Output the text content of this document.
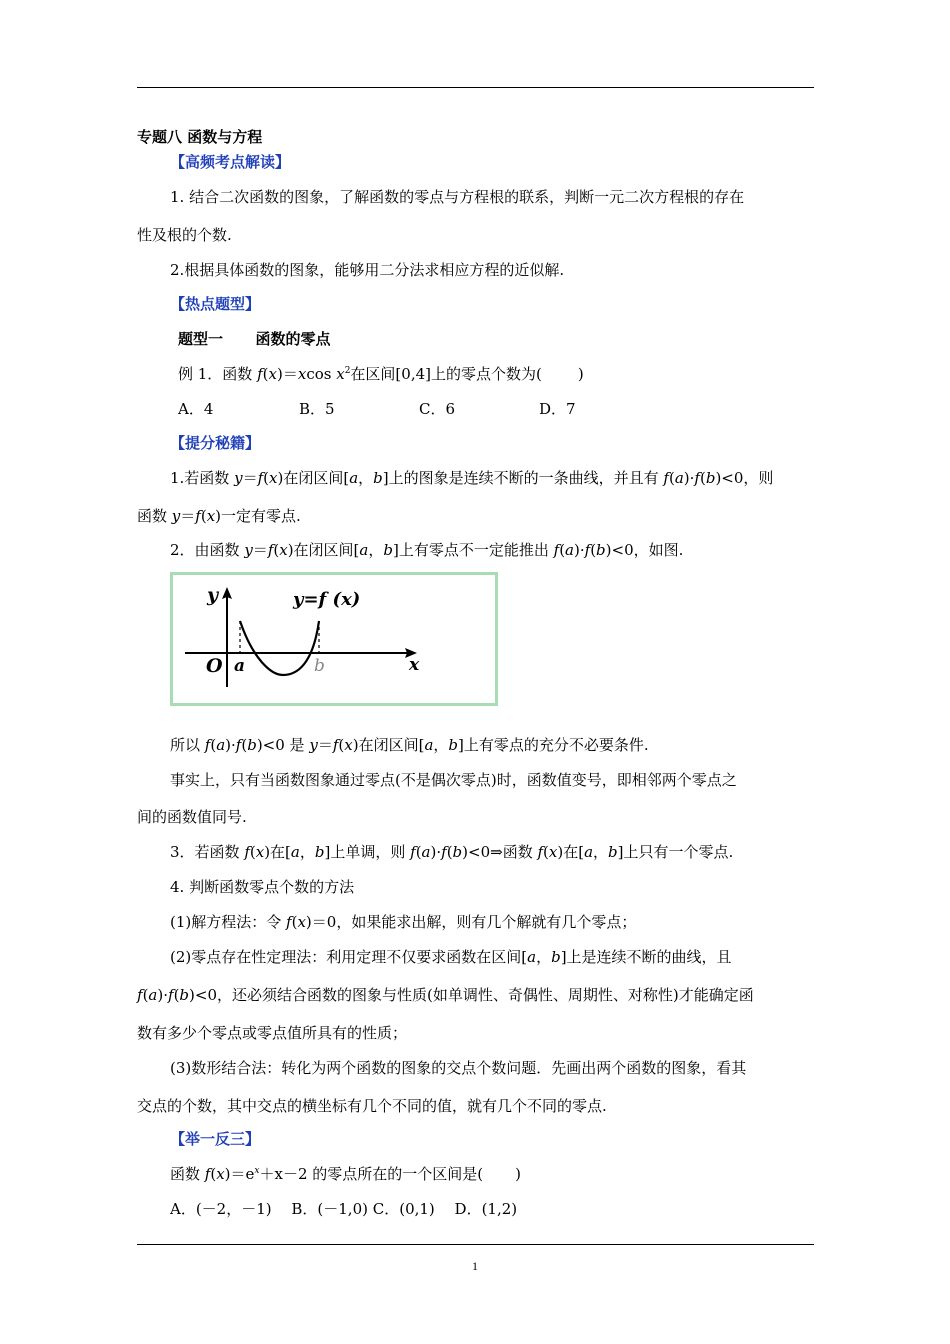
专题八 函数与方程
【高频考点解读】
1. 结合二次函数的图象，了解函数的零点与方程根的联系，判断一元二次方程根的存在
性及根的个数.
2.根据具体函数的图象，能够用二分法求相应方程的近似解.
【热点题型】
题型一 函数的零点
例 1．函数 f(x)＝xcos $x^2$在区间[0,4]上的零点个数为( )
A．4	B．5	C．6	D．7
【提分秘籍】
1.若函数 y＝f(x)在闭区间[a，b]上的图象是连续不断的一条曲线，并且有 f(a)·f(b)<0，则
函数 y＝f(x)一定有零点.
2．由函数 y＝f(x)在闭区间[a，b]上有零点不一定能推出 f(a)·f(b)<0，如图.
y	y=f (x)
O a	b	x
所以 f(a)·f(b)<0 是 y＝f(x)在闭区间[a，b]上有零点的充分不必要条件.
事实上，只有当函数图象通过零点(不是偶次零点)时，函数值变号，即相邻两个零点之
间的函数值同号.
3．若函数 f(x)在[a，b]上单调，则 f(a)·f(b)<0⇒函数 f(x)在[a，b]上只有一个零点.
4. 判断函数零点个数的方法
(1)解方程法：令 f(x)＝0，如果能求出解，则有几个解就有几个零点；
(2)零点存在性定理法：利用定理不仅要求函数在区间[a，b]上是连续不断的曲线，且
f(a)·f(b)<0，还必须结合函数的图象与性质(如单调性、奇偶性、周期性、对称性)才能确定函
数有多少个零点或零点值所具有的性质；
(3)数形结合法：转化为两个函数的图象的交点个数问题．先画出两个函数的图象，看其
交点的个数，其中交点的横坐标有几个不同的值，就有几个不同的零点.
【举一反三】
函数 $f(x)=e^x+x-2$ 的零点所在的一个区间是( )
A．(－2，－1)　 B．(－1,0) C．(0,1)　 D．(1,2)
1
